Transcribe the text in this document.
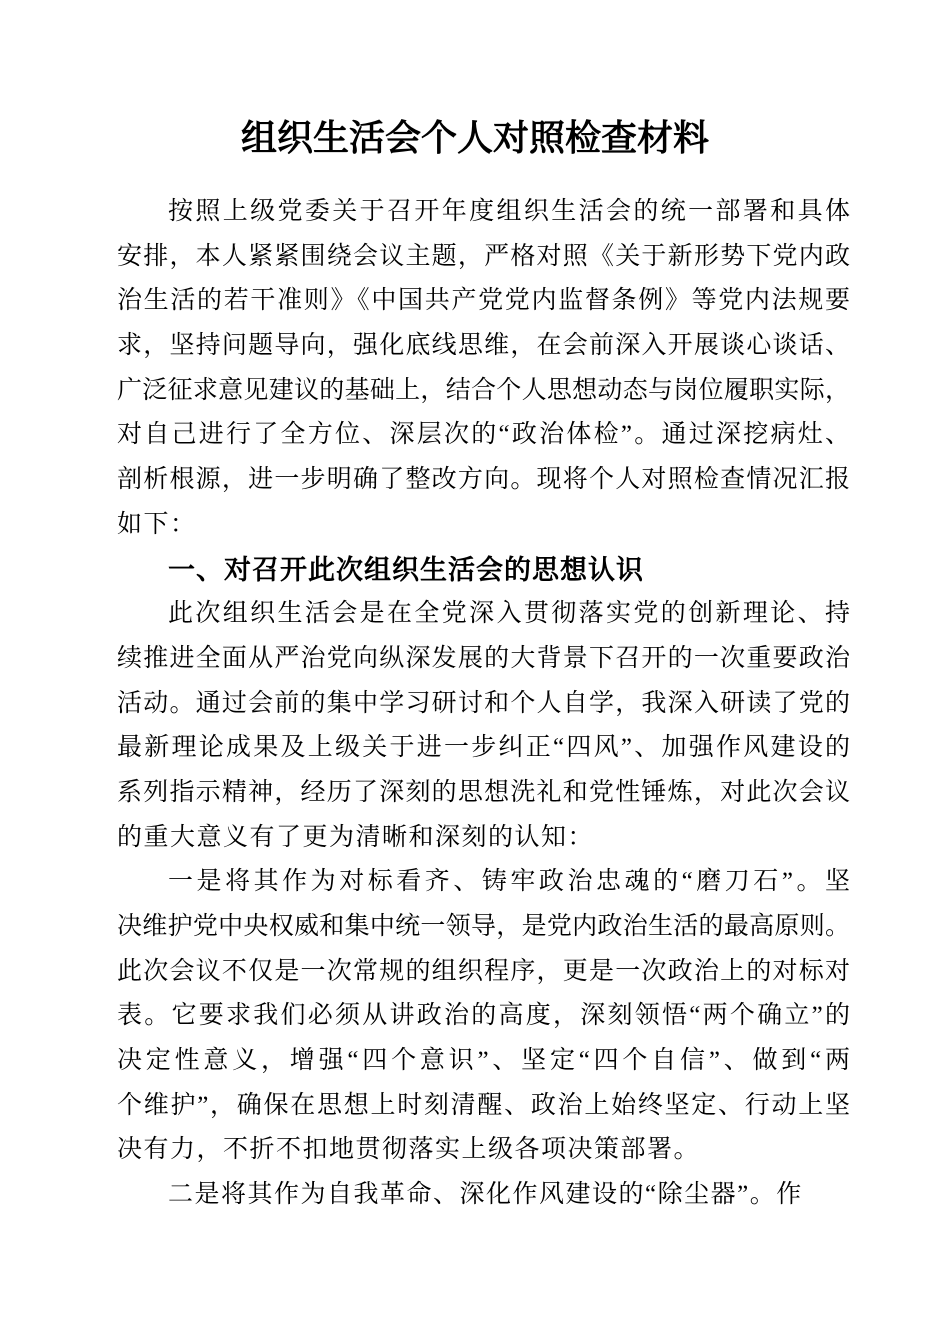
组织生活会个人对照检查材料
按照上级党委关于召开年度组织生活会的统一部署和具体
安排，本人紧紧围绕会议主题，严格对照《关于新形势下党内政
治生活的若干准则》《中国共产党党内监督条例》等党内法规要
求，坚持问题导向，强化底线思维，在会前深入开展谈心谈话、
广泛征求意见建议的基础上，结合个人思想动态与岗位履职实际，
对自己进行了全方位、深层次的“政治体检”。通过深挖病灶、
剖析根源，进一步明确了整改方向。现将个人对照检查情况汇报
如下：
一、对召开此次组织生活会的思想认识
此次组织生活会是在全党深入贯彻落实党的创新理论、持
续推进全面从严治党向纵深发展的大背景下召开的一次重要政治
活动。通过会前的集中学习研讨和个人自学，我深入研读了党的
最新理论成果及上级关于进一步纠正“四风”、加强作风建设的
系列指示精神，经历了深刻的思想洗礼和党性锤炼，对此次会议
的重大意义有了更为清晰和深刻的认知：
一是将其作为对标看齐、铸牢政治忠魂的“磨刀石”。坚
决维护党中央权威和集中统一领导，是党内政治生活的最高原则。
此次会议不仅是一次常规的组织程序，更是一次政治上的对标对
表。它要求我们必须从讲政治的高度，深刻领悟“两个确立”的
决定性意义，增强“四个意识”、坚定“四个自信”、做到“两
个维护”，确保在思想上时刻清醒、政治上始终坚定、行动上坚
决有力，不折不扣地贯彻落实上级各项决策部署。
二是将其作为自我革命、深化作风建设的“除尘器”。作
